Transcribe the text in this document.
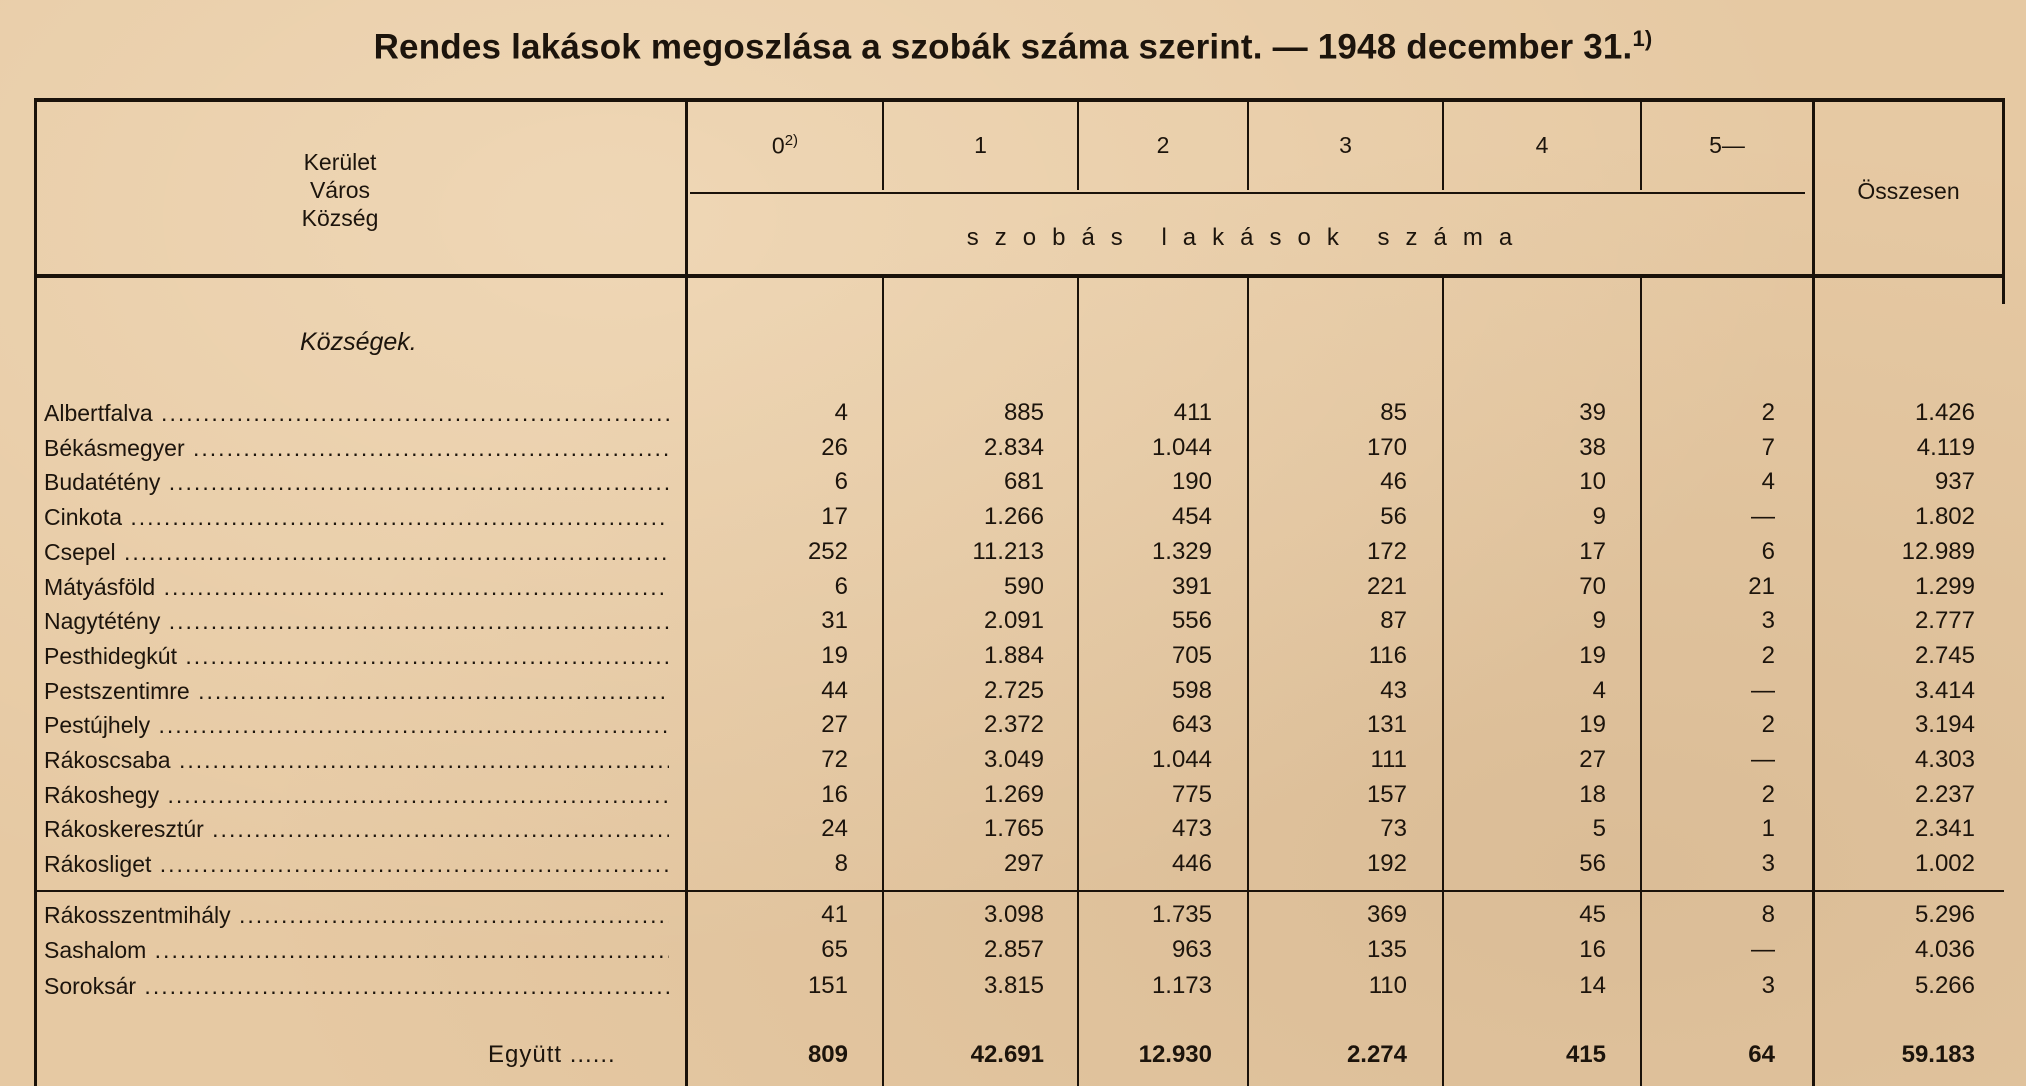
Rendes lakások megoszlása a szobák száma szerint. — 1948 december 31.$^{1)}$
Kerület
Város
Község
0$^{2)}$	1	2	3	4	5—
Összesen
szobás lakások száma
Községek.
Albertfalva .....	4	885	411	85	39	2	1.426
Békásmegyer .....	26	2.834	1.044	170	38	7	4.119
Budatétény .....	6	681	190	46	10	4	937
Cinkota .....	17	1.266	454	56	9	—	1.802
Csepel .....	252	11.213	1.329	172	17	6	12.989
Mátyásföld .....	6	590	391	221	70	21	1.299
Nagytétény .....	31	2.091	556	87	9	3	2.777
Pesthidegkút .....	19	1.884	705	116	19	2	2.745
Pestszentimre .....	44	2.725	598	43	4	—	3.414
Pestújhely .....	27	2.372	643	131	19	2	3.194
Rákoscsaba .....	72	3.049	1.044	111	27	—	4.303
Rákoshegy .....	16	1.269	775	157	18	2	2.237
Rákoskeresztúr .....	24	1.765	473	73	5	1	2.341
Rákosliget .....	8	297	446	192	56	3	1.002
Rákosszentmihály .....	41	3.098	1.735	369	45	8	5.296
Sashalom .....	65	2.857	963	135	16	—	4.036
Soroksár .....	151	3.815	1.173	110	14	3	5.266
Együtt ......	809	42.691	12.930	2.274	415	64	59.183
